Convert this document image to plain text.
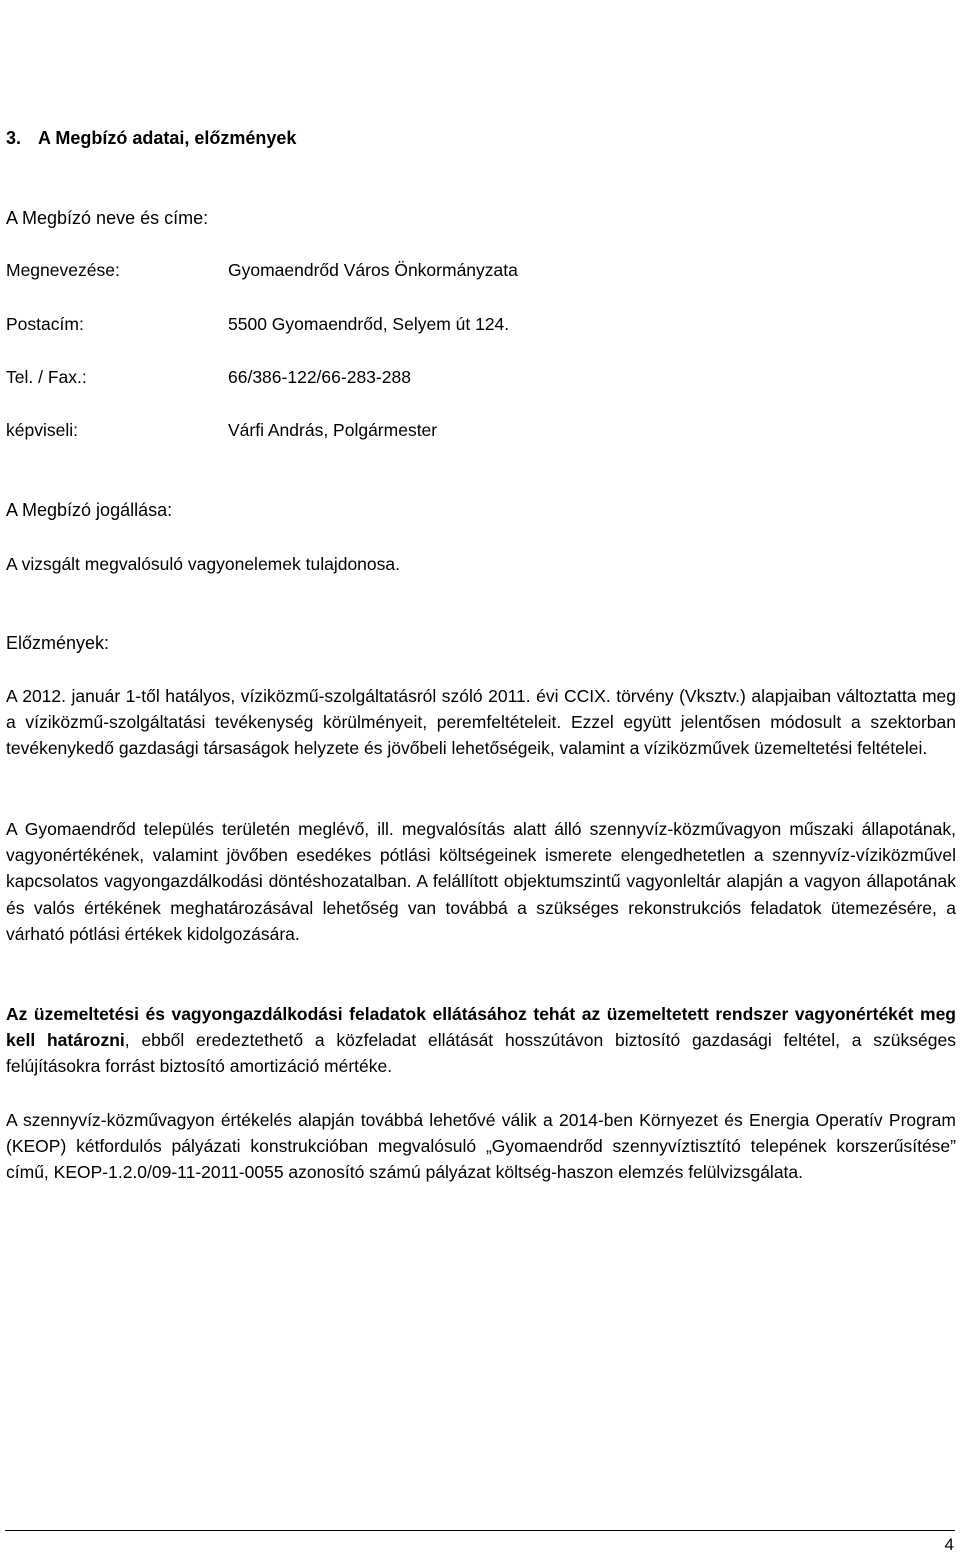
3. A Megbízó adatai, előzmények
A Megbízó neve és címe:
Megnevezése:	Gyomaendrőd Város Önkormányzata
Postacím:	5500 Gyomaendrőd, Selyem út 124.
Tel. / Fax.:	66/386-122/66-283-288
képviseli:	Várfi András, Polgármester
A Megbízó jogállása:
A vizsgált megvalósuló vagyonelemek tulajdonosa.
Előzmények:
A 2012. január 1-től hatályos, víziközmű-szolgáltatásról szóló 2011. évi CCIX. törvény (Vksztv.) alapjaiban változtatta meg a víziközmű-szolgáltatási tevékenység körülményeit, peremfeltételeit. Ezzel együtt jelentősen módosult a szektorban tevékenykedő gazdasági társaságok helyzete és jövőbeli lehetőségeik, valamint a víziközművek üzemeltetési feltételei.
A Gyomaendrőd település területén meglévő, ill. megvalósítás alatt álló szennyvíz-közművagyon műszaki állapotának, vagyonértékének, valamint jövőben esedékes pótlási költségeinek ismerete elengedhetetlen a szennyvíz-víziközművel kapcsolatos vagyongazdálkodási döntéshozatalban. A felállított objektumszintű vagyonleltár alapján a vagyon állapotának és valós értékének meghatározásával lehetőség van továbbá a szükséges rekonstrukciós feladatok ütemezésére, a várható pótlási értékek kidolgozására.
Az üzemeltetési és vagyongazdálkodási feladatok ellátásához tehát az üzemeltetett rendszer vagyonértékét meg kell határozni, ebből eredeztethető a közfeladat ellátását hosszútávon biztosító gazdasági feltétel, a szükséges felújításokra forrást biztosító amortizáció mértéke.
A szennyvíz-közművagyon értékelés alapján továbbá lehetővé válik a 2014-ben Környezet és Energia Operatív Program (KEOP) kétfordulós pályázati konstrukcióban megvalósuló „Gyomaendrőd szennyvíztisztító telepének korszerűsítése” című, KEOP-1.2.0/09-11-2011-0055 azonosító számú pályázat költség-haszon elemzés felülvizsgálata.
4
